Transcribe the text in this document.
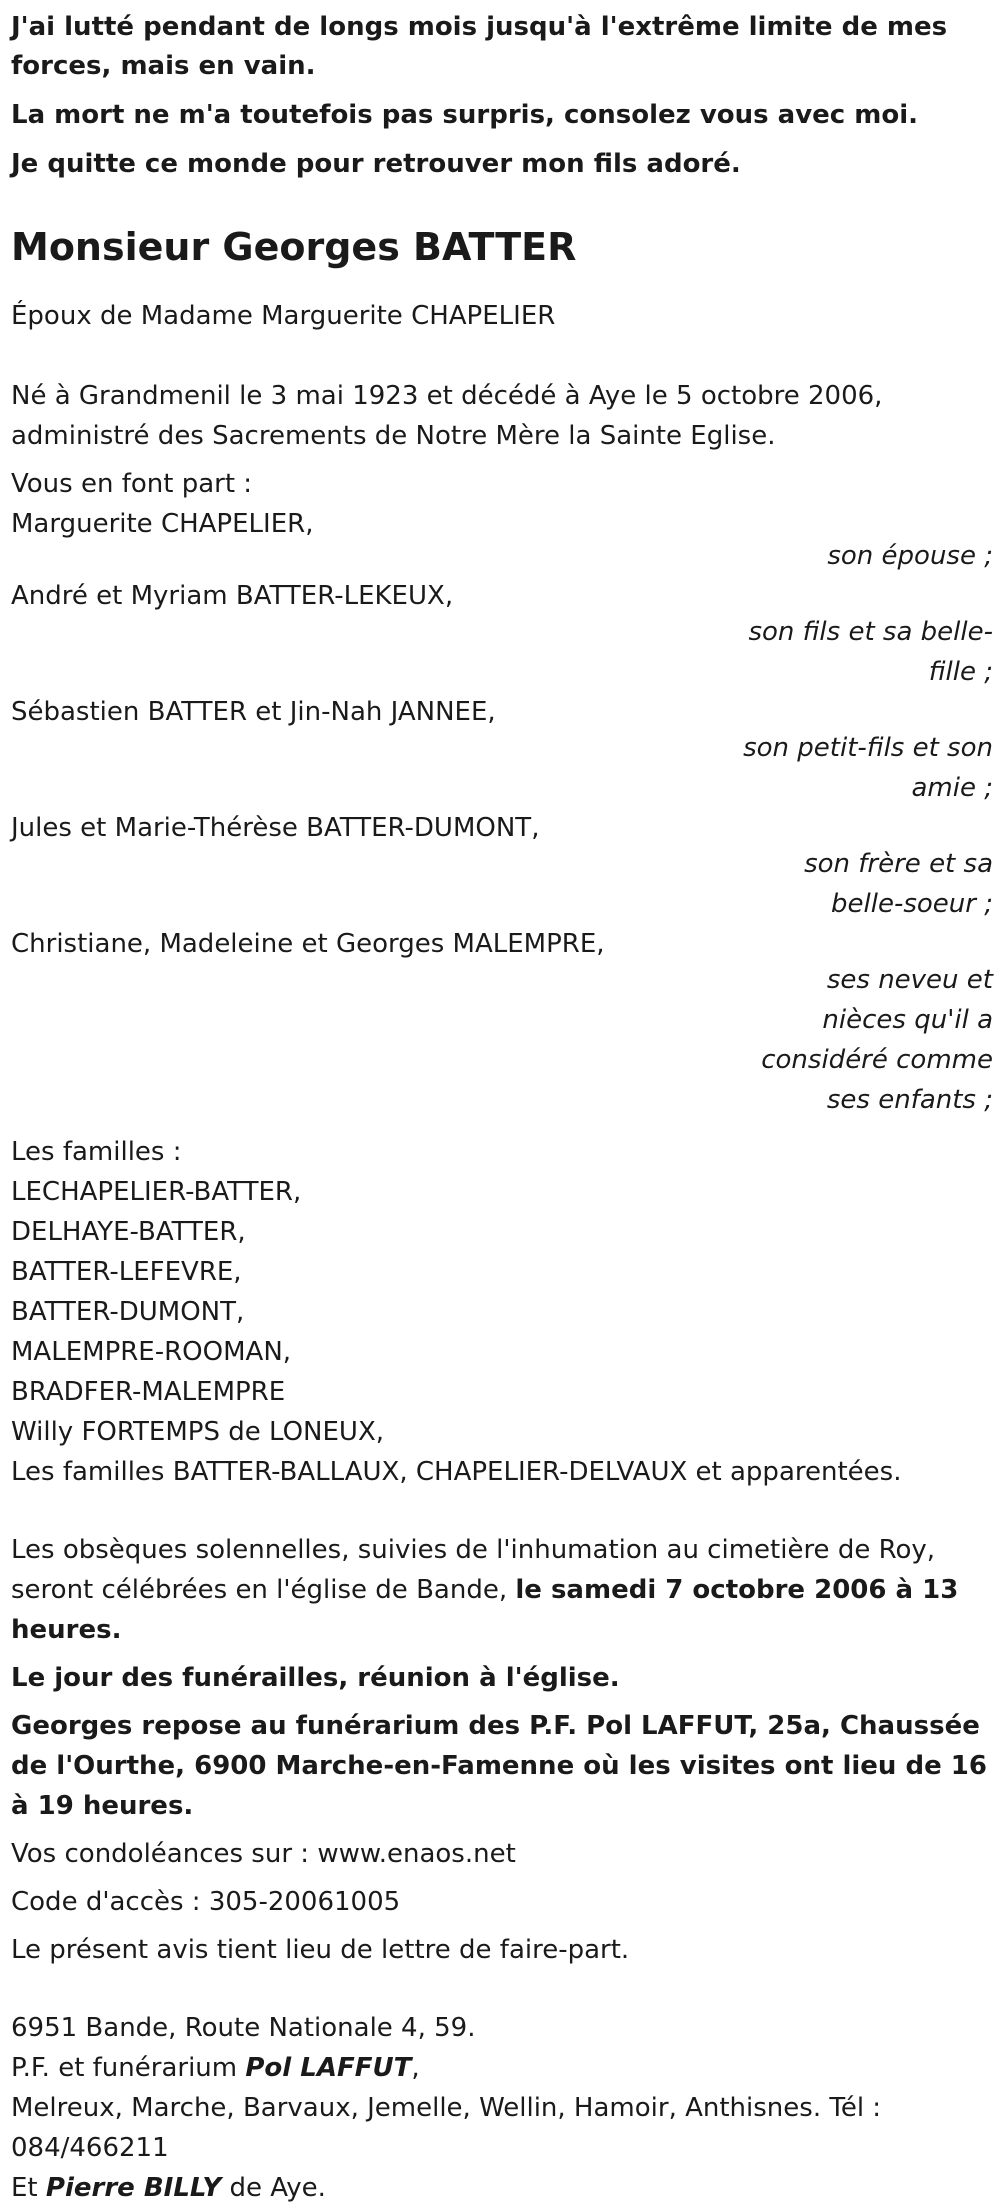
J'ai lutté pendant de longs mois jusqu'à l'extrême limite de mes forces, mais en vain.

La mort ne m'a toutefois pas surpris, consolez vous avec moi.

Je quitte ce monde pour retrouver mon fils adoré.

Monsieur Georges BATTER

Époux de Madame Marguerite CHAPELIER

Né à Grandmenil le 3 mai 1923 et décédé à Aye le 5 octobre 2006, administré des Sacrements de Notre Mère la Sainte Eglise.

Vous en font part :

Marguerite CHAPELIER,

son épouse ;

André et Myriam BATTER-LEKEUX,

son fils et sa belle-fille ;

Sébastien BATTER et Jin-Nah JANNEE,

son petit-fils et son amie ;

Jules et Marie-Thérèse BATTER-DUMONT,

son frère et sa belle-soeur ;

Christiane, Madeleine et Georges MALEMPRE,

ses neveu et nièces qu'il a considéré comme ses enfants ;

Les familles :

LECHAPELIER-BATTER,

DELHAYE-BATTER,

BATTER-LEFEVRE,

BATTER-DUMONT,

MALEMPRE-ROOMAN,

BRADFER-MALEMPRE

Willy FORTEMPS de LONEUX,

Les familles BATTER-BALLAUX, CHAPELIER-DELVAUX et apparentées.

Les obsèques solennelles, suivies de l'inhumation au cimetière de Roy, seront célébrées en l'église de Bande, le samedi 7 octobre 2006 à 13 heures.

Le jour des funérailles, réunion à l'église.

Georges repose au funérarium des P.F. Pol LAFFUT, 25a, Chaussée de l'Ourthe, 6900 Marche-en-Famenne où les visites ont lieu de 16 à 19 heures.

Vos condoléances sur : www.enaos.net

Code d'accès : 305-20061005

Le présent avis tient lieu de lettre de faire-part.

6951 Bande, Route Nationale 4, 59.

P.F. et funérarium Pol LAFFUT,

Melreux, Marche, Barvaux, Jemelle, Wellin, Hamoir, Anthisnes. Tél : 084/466211

Et Pierre BILLY de Aye.
